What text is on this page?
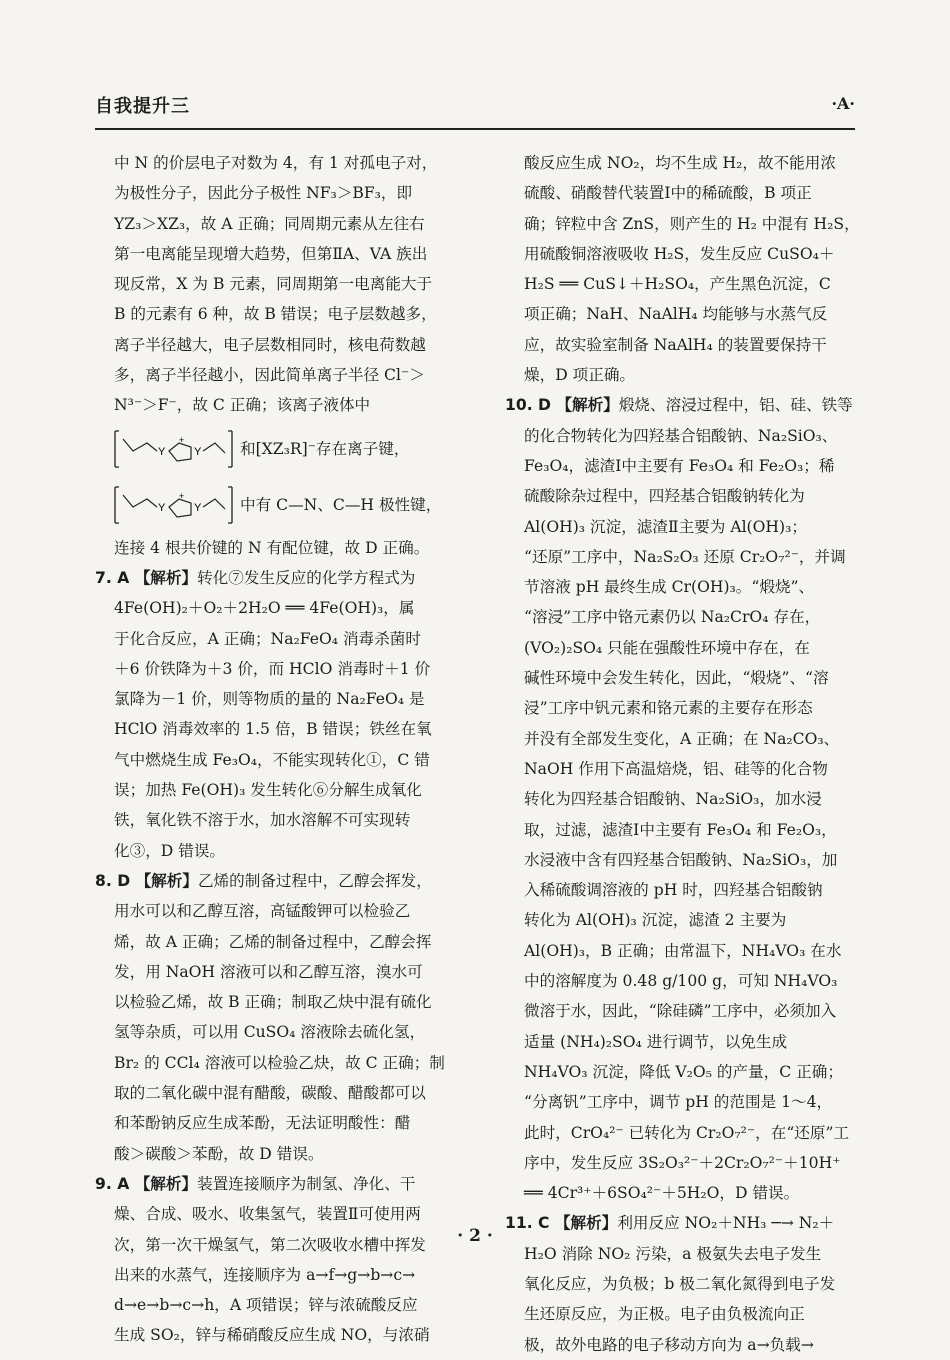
自我提升三	·A·
中 N 的价层电子对数为 4，有 1 对孤电子对，
为极性分子，因此分子极性 NF₃＞BF₃，即
YZ₃＞XZ₃，故 A 正确；同周期元素从左往右
第一电离能呈现增大趋势，但第ⅡA、VA 族出
现反常，X 为 B 元素，同周期第一电离能大于
B 的元素有 6 种，故 B 错误；电子层数越多，
离子半径越大，电子层数相同时，核电荷数越
多，离子半径越小，因此简单离子半径 Cl⁻＞
N³⁻＞F⁻，故 C 正确；该离子液体中
Y	Y
+	和[XZ₃R]⁻存在离子键，
Y	Y
+	中有 C—N、C—H 极性键，
连接 4 根共价键的 N 有配位键，故 D 正确。
7. A 【解析】转化⑦发生反应的化学方程式为
4Fe(OH)₂＋O₂＋2H₂O ══ 4Fe(OH)₃，属
于化合反应，A 正确；Na₂FeO₄ 消毒杀菌时
＋6 价铁降为＋3 价，而 HClO 消毒时＋1 价
氯降为－1 价，则等物质的量的 Na₂FeO₄ 是
HClO 消毒效率的 1.5 倍，B 错误；铁丝在氧
气中燃烧生成 Fe₃O₄，不能实现转化①，C 错
误；加热 Fe(OH)₃ 发生转化⑥分解生成氧化
铁，氧化铁不溶于水，加水溶解不可实现转
化③，D 错误。
8. D 【解析】乙烯的制备过程中，乙醇会挥发，
用水可以和乙醇互溶，高锰酸钾可以检验乙
烯，故 A 正确；乙烯的制备过程中，乙醇会挥
发，用 NaOH 溶液可以和乙醇互溶，溴水可
以检验乙烯，故 B 正确；制取乙炔中混有硫化
氢等杂质，可以用 CuSO₄ 溶液除去硫化氢，
Br₂ 的 CCl₄ 溶液可以检验乙炔，故 C 正确；制
取的二氧化碳中混有醋酸，碳酸、醋酸都可以
和苯酚钠反应生成苯酚，无法证明酸性：醋
酸＞碳酸＞苯酚，故 D 错误。
9. A 【解析】装置连接顺序为制氢、净化、干
燥、合成、吸水、收集氢气，装置Ⅱ可使用两
次，第一次干燥氢气，第二次吸收水槽中挥发
出来的水蒸气，连接顺序为 a→f→g→b→c→
d→e→b→c→h，A 项错误；锌与浓硫酸反应
生成 SO₂，锌与稀硝酸反应生成 NO，与浓硝
酸反应生成 NO₂，均不生成 H₂，故不能用浓
硫酸、硝酸替代装置Ⅰ中的稀硫酸，B 项正
确；锌粒中含 ZnS，则产生的 H₂ 中混有 H₂S，
用硫酸铜溶液吸收 H₂S，发生反应 CuSO₄＋
H₂S ══ CuS↓＋H₂SO₄，产生黑色沉淀，C
项正确；NaH、NaAlH₄ 均能够与水蒸气反
应，故实验室制备 NaAlH₄ 的装置要保持干
燥，D 项正确。
10. D 【解析】煅烧、溶浸过程中，铝、硅、铁等
的化合物转化为四羟基合铝酸钠、Na₂SiO₃、
Fe₃O₄，滤渣Ⅰ中主要有 Fe₃O₄ 和 Fe₂O₃；稀
硫酸除杂过程中，四羟基合铝酸钠转化为
Al(OH)₃ 沉淀，滤渣Ⅱ主要为 Al(OH)₃；
“还原”工序中，Na₂S₂O₃ 还原 Cr₂O₇²⁻，并调
节溶液 pH 最终生成 Cr(OH)₃。“煅烧”、
“溶浸”工序中铬元素仍以 Na₂CrO₄ 存在，
(VO₂)₂SO₄ 只能在强酸性环境中存在，在
碱性环境中会发生转化，因此，“煅烧”、“溶
浸”工序中钒元素和铬元素的主要存在形态
并没有全部发生变化，A 正确；在 Na₂CO₃、
NaOH 作用下高温焙烧，铝、硅等的化合物
转化为四羟基合铝酸钠、Na₂SiO₃，加水浸
取，过滤，滤渣Ⅰ中主要有 Fe₃O₄ 和 Fe₂O₃，
水浸液中含有四羟基合铝酸钠、Na₂SiO₃，加
入稀硫酸调溶液的 pH 时，四羟基合铝酸钠
转化为 Al(OH)₃ 沉淀，滤渣 2 主要为
Al(OH)₃，B 正确；由常温下，NH₄VO₃ 在水
中的溶解度为 0.48 g/100 g，可知 NH₄VO₃
微溶于水，因此，“除硅磷”工序中，必须加入
适量 (NH₄)₂SO₄ 进行调节，以免生成
NH₄VO₃ 沉淀，降低 V₂O₅ 的产量，C 正确；
“分离钒”工序中，调节 pH 的范围是 1～4，
此时，CrO₄²⁻ 已转化为 Cr₂O₇²⁻，在“还原”工
序中，发生反应 3S₂O₃²⁻＋2Cr₂O₇²⁻＋10H⁺
══ 4Cr³⁺＋6SO₄²⁻＋5H₂O，D 错误。
11. C 【解析】利用反应 NO₂＋NH₃ ─→ N₂＋
H₂O 消除 NO₂ 污染，a 极氨失去电子发生
氧化反应，为负极；b 极二氧化氮得到电子发
生还原反应，为正极。电子由负极流向正
极，故外电路的电子移动方向为 a→负载→
· 2 ·
